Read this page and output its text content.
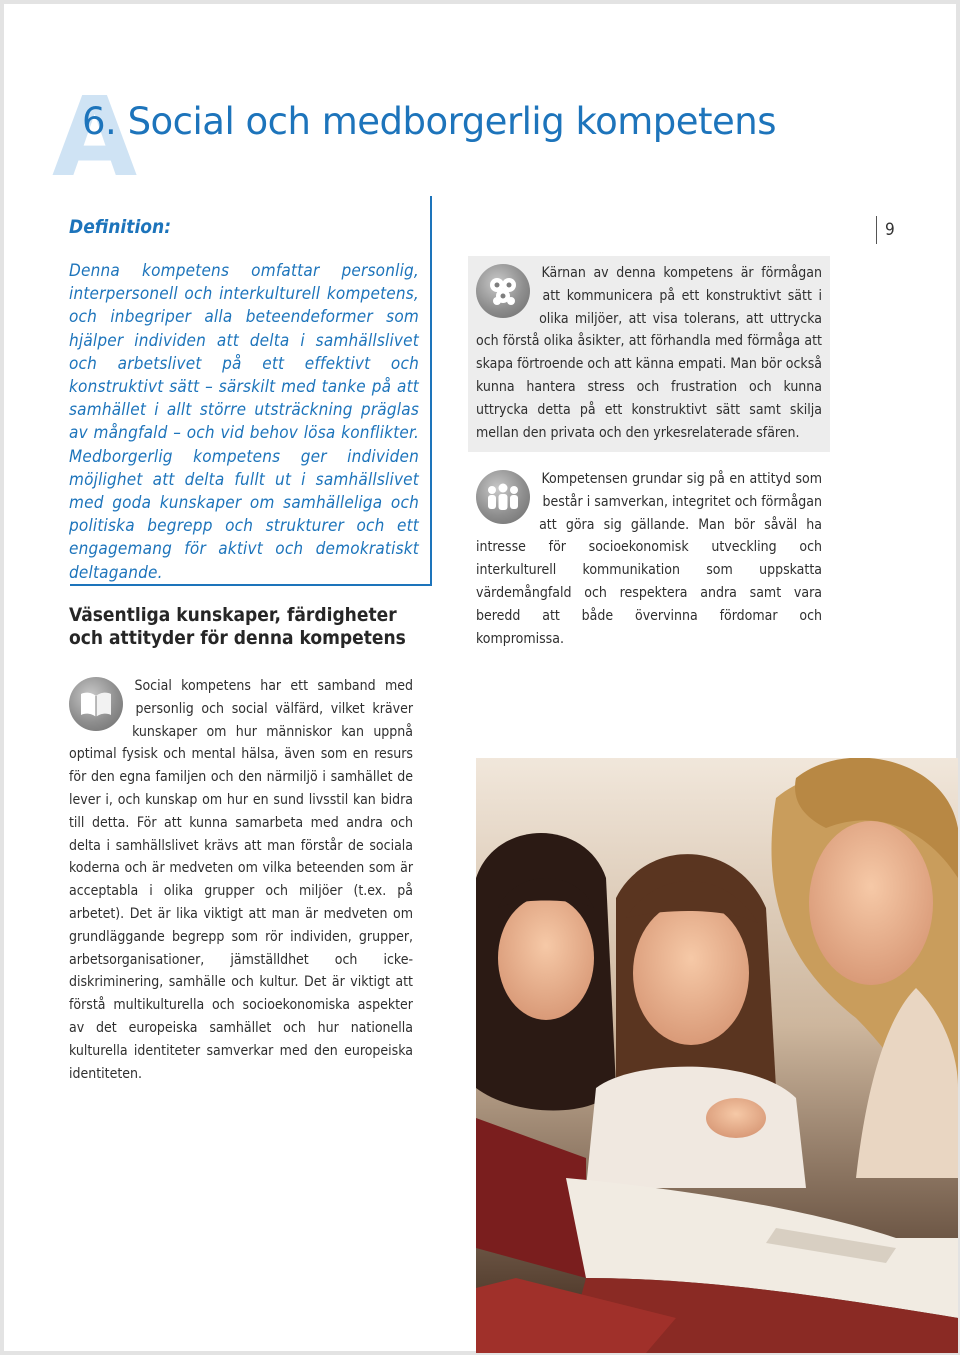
A
6. Social och medborgerlig kompetens
Definition:

Denna kompetens omfattar personlig, interpersonell och interkulturell kompetens, och inbegriper alla beteendeformer som hjälper individen att delta i samhällslivet och arbetslivet på ett effektivt och konstruktivt sätt – särskilt med tanke på att samhället i allt större utsträckning präglas av mångfald – och vid behov lösa konflikter. Medborgerlig kompetens ger individen möjlighet att delta fullt ut i samhällslivet med goda kunskaper om samhälleliga och politiska begrepp och strukturer och ett engagemang för aktivt och demokratiskt deltagande.

9
Väsentliga kunskaper, färdigheter och attityder för denna kompetens
Social kompetens har ett samband med personlig och social välfärd, vilket kräver kunskaper om hur människor kan uppnå optimal fysisk och mental hälsa, även som en resurs för den egna familjen och den närmiljö i samhället de lever i, och kunskap om hur en sund livsstil kan bidra till detta. För att kunna samarbeta med andra och delta i samhällslivet krävs att man förstår de sociala koderna och är medveten om vilka beteenden som är acceptabla i olika grupper och miljöer (t.ex. på arbetet). Det är lika viktigt att man är medveten om grundläggande begrepp som rör individen, grupper, arbetsorganisationer, jämställdhet och icke-diskriminering, samhälle och kultur. Det är viktigt att förstå multikulturella och socioekonomiska aspekter av det europeiska samhället och hur nationella kulturella identiteter samverkar med den europeiska identiteten.
Kärnan av denna kompetens är förmågan att kommunicera på ett konstruktivt sätt i olika miljöer, att visa tolerans, att uttrycka och förstå olika åsikter, att förhandla med förmåga att skapa förtroende och att känna empati. Man bör också kunna hantera stress och frustration och kunna uttrycka detta på ett konstruktivt sätt samt skilja mellan den privata och den yrkesrelaterade sfären.
Kompetensen grundar sig på en attityd som består i samverkan, integritet och förmågan att göra sig gällande. Man bör såväl ha intresse för socioekonomisk utveckling och interkulturell kommunikation som uppskatta värdemångfald och respektera andra samt vara beredd att både övervinna fördomar och kompromissa.
